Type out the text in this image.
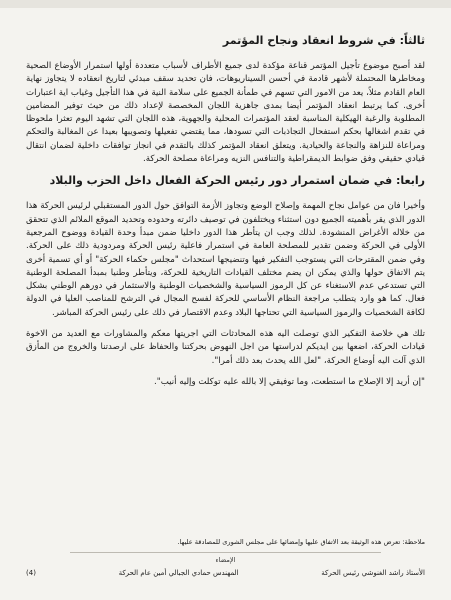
ثالثاً: في شروط انعقاد ونجاح المؤتمر

لقد أصبح موضوع تأجيل المؤتمر قناعة مؤكدة لدى جميع الأطراف لأسباب متعددة أولها استمرار الأوضاع الصحية ومخاطرها المحتملة لأشهر قادمة في أحسن السيناريوهات، فان تحديد سقف مبدئي لتاريخ انعقاده لا يتجاوز نهاية العام القادم مثلاً، يعد من الامور التي تسهم في طمأنة الجميع على سلامة النية في هذا التأجيل وغياب اية اعتبارات أخرى. كما يرتبط انعقاد المؤتمر أيضا بمدى جاهزية اللجان المخصصة لإعداد ذلك من حيث توفير المضامين المطلوبة والرغبة الهيكلية المناسبة لعقد المؤتمرات المحلية والجهوية، هذه اللجان التي تشهد اليوم تعثرا ملحوظا في تقدم اشغالها بحكم استفحال التجاذبات التي تسودها، مما يقتضي تفعيلها وتصويبها بعيدا عن المغالبة والتحكم ومراعاة للنزاهة والنجاعة والحيادية. ويتعلق انعقاد المؤتمر كذلك بالتقدم في انجاز توافقات داخلية لضمان انتقال قيادي حقيقي وفق ضوابط الديمقراطية والتنافس النزيه ومراعاة مصلحة الحركة.

رابعا: في ضمان استمرار دور رئيس الحركة الفعال داخل الحزب والبلاد

وأخيرا فان من عوامل نجاح المهمة وإصلاح الوضع وتجاوز الأزمة التوافق حول الدور المستقبلي لرئيس الحركة هذا الدور الذي يقر بأهميته الجميع دون استثناء ويختلفون في توصيف دائرته وحدوده وتحديد الموقع الملائم الذي تتحقق من خلاله الأغراض المنشودة. لذلك وجب ان يتأطر هذا الدور داخليا ضمن مبدأ وحدة القيادة ووضوح المرجعية الأولى في الحركة وضمن تقدير للمصلحة العامة في استمرار فاعلية رئيس الحركة ومردودية ذلك على الحركة. وفي ضمن المقترحات التي يستوجب التفكير فيها وتنضيجها استحداث "مجلس حكماء الحركة" أو أي تسمية أخرى يتم الاتفاق حولها والذي يمكن ان يضم مختلف القيادات التاريخية للحركة، ويتأطر وطنيا بمبدأ المصلحة الوطنية التي تستدعي عدم الاستغناء عن كل الرموز السياسية والشخصيات الوطنية والاستثمار في دورهم الوطني بشكل فعال. كما هو وارد يتطلب مراجعة النظام الأساسي للحركة لفسح المجال في الترشح للمناصب العليا في الدولة لكافة الشخصيات والرموز السياسية التي تحتاجها البلاد وعدم الاقتصار في ذلك على رئيس الحركة المباشر.

تلك هي خلاصة التفكير الذي توصلت اليه هذه المحادثات التي اجريتها معكم والمشاورات مع العديد من الاخوة قيادات الحركة، اضعها بين ايديكم لدراستها من اجل النهوض بحركتنا والحفاظ على ارصدتنا والخروج من المأزق الذي آلت اليه أوضاع الحركة، "لعل الله يحدث بعد ذلك أمرا".

"إن أريد إلا الإصلاح ما استطعت، وما توفيقي إلا بالله عليه توكلت وإليه أنيب".

ملاحظة: تعرض هذه الوثيقة بعد الاتفاق عليها وإمضائها على مجلس الشورى للمصادقة عليها.
الإمضاء
الأستاذ راشد الغنوشي رئيس الحركة
المهندس حمادي الجبالي أمين عام الحركة
(4)
